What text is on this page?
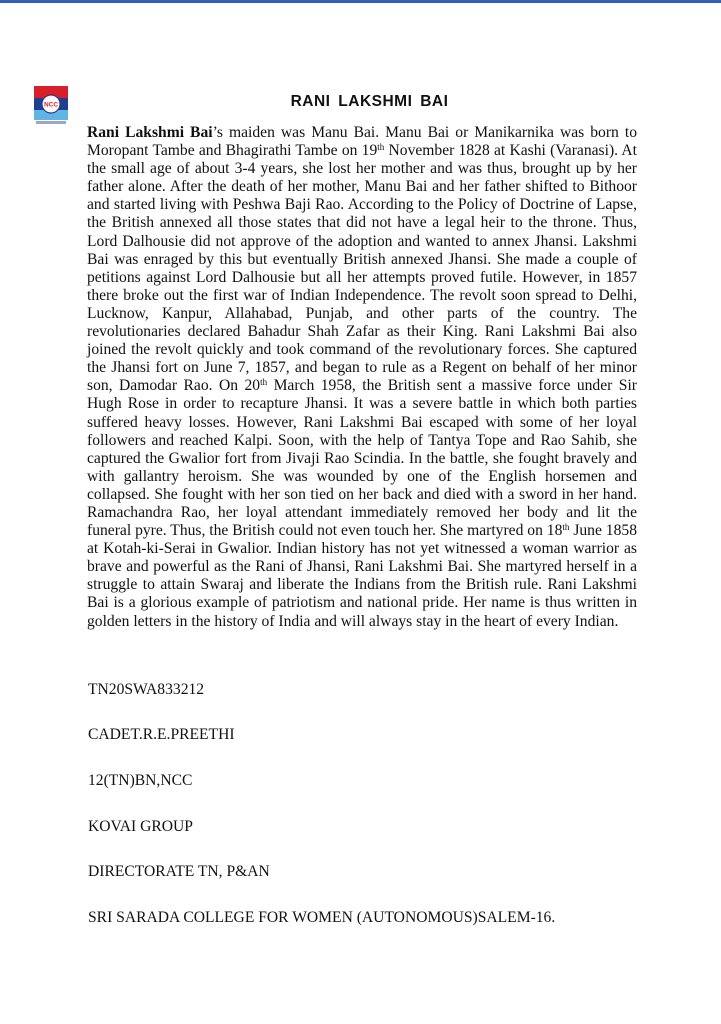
NCC	RANI LAKSHMI BAI

Rani Lakshmi Bai’s maiden was Manu Bai. Manu Bai or Manikarnika was born to Moropant Tambe and Bhagirathi Tambe on 19th November 1828 at Kashi (Varanasi). At the small age of about 3-4 years, she lost her mother and was thus, brought up by her father alone. After the death of her mother, Manu Bai and her father shifted to Bithoor and started living with Peshwa Baji Rao. According to the Policy of Doctrine of Lapse, the British annexed all those states that did not have a legal heir to the throne. Thus, Lord Dalhousie did not approve of the adoption and wanted to annex Jhansi. Lakshmi Bai was enraged by this but eventually British annexed Jhansi. She made a couple of petitions against Lord Dalhousie but all her attempts proved futile. However, in 1857 there broke out the first war of Indian Independence. The revolt soon spread to Delhi, Lucknow, Kanpur, Allahabad, Punjab, and other parts of the country. The revolutionaries declared Bahadur Shah Zafar as their King. Rani Lakshmi Bai also joined the revolt quickly and took command of the revolutionary forces. She captured the Jhansi fort on June 7, 1857, and began to rule as a Regent on behalf of her minor son, Damodar Rao. On 20th March 1958, the British sent a massive force under Sir Hugh Rose in order to recapture Jhansi. It was a severe battle in which both parties suffered heavy losses. However, Rani Lakshmi Bai escaped with some of her loyal followers and reached Kalpi. Soon, with the help of Tantya Tope and Rao Sahib, she captured the Gwalior fort from Jivaji Rao Scindia. In the battle, she fought bravely and with gallantry heroism. She was wounded by one of the English horsemen and collapsed. She fought with her son tied on her back and died with a sword in her hand. Ramachandra Rao, her loyal attendant immediately removed her body and lit the funeral pyre. Thus, the British could not even touch her. She martyred on 18th June 1858 at Kotah-ki-Serai in Gwalior. Indian history has not yet witnessed a woman warrior as brave and powerful as the Rani of Jhansi, Rani Lakshmi Bai. She martyred herself in a struggle to attain Swaraj and liberate the Indians from the British rule. Rani Lakshmi Bai is a glorious example of patriotism and national pride. Her name is thus written in golden letters in the history of India and will always stay in the heart of every Indian.

TN20SWA833212

CADET.R.E.PREETHI

12(TN)BN,NCC

KOVAI GROUP

DIRECTORATE TN, P&AN

SRI SARADA COLLEGE FOR WOMEN (AUTONOMOUS)SALEM-16.
